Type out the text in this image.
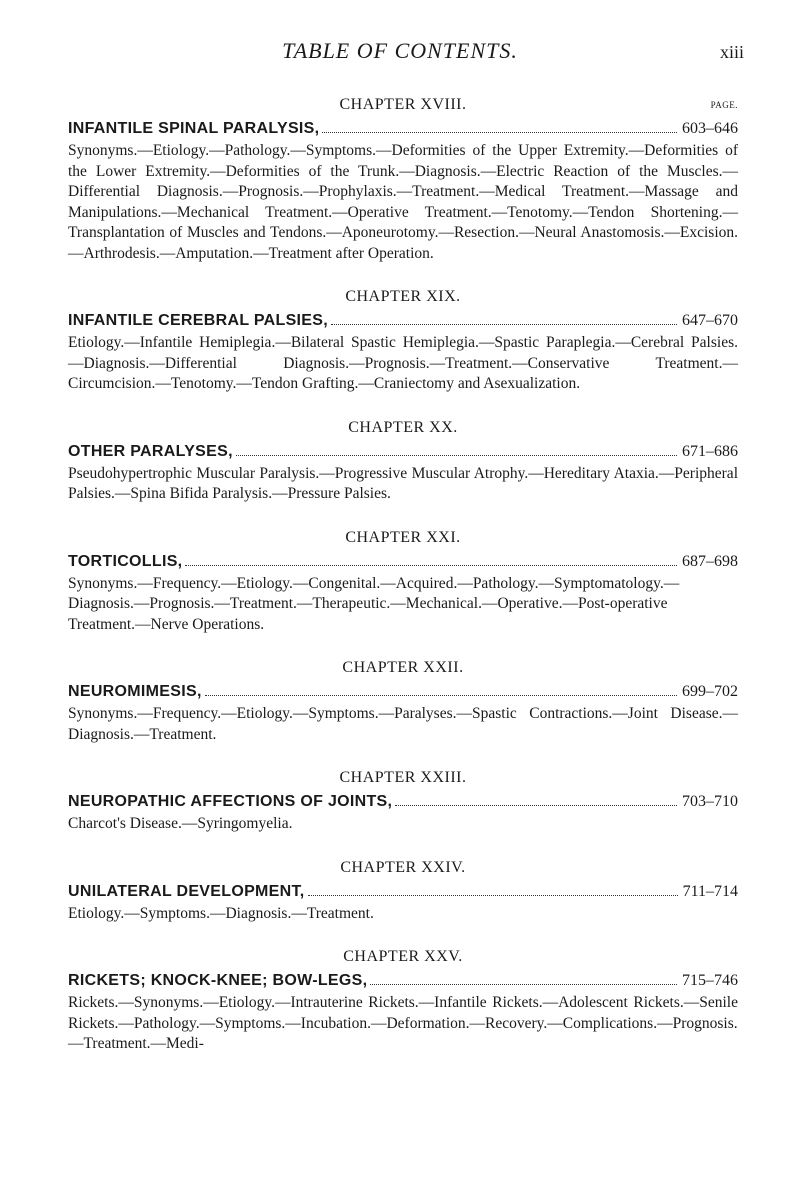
TABLE OF CONTENTS.	xiii
CHAPTER XVIII.	PAGE.
INFANTILE SPINAL PARALYSIS,	603–646

Synonyms.—Etiology.—Pathology.—Symptoms.—Deformities of the Upper Extremity.—Deformities of the Lower Extremity.—Deformities of the Trunk.—Diagnosis.—Electric Reaction of the Muscles.—Differential Diagnosis.—Prognosis.—Prophylaxis.—Treatment.—Medical Treatment.—Massage and Manipulations.—Mechanical Treatment.—Operative Treatment.—Tenotomy.—Tendon Shortening.—Transplantation of Muscles and Tendons.—Aponeurotomy.—Resection.—Neural Anastomosis.—Excision.—Arthrodesis.—Amputation.—Treatment after Operation.

CHAPTER XIX.
INFANTILE CEREBRAL PALSIES,	647–670

Etiology.—Infantile Hemiplegia.—Bilateral Spastic Hemiplegia.—Spastic Paraplegia.—Cerebral Palsies.—Diagnosis.—Differential Diagnosis.—Prognosis.—Treatment.—Conservative Treatment.—Circumcision.—Tenotomy.—Tendon Grafting.—Craniectomy and Asexualization.

CHAPTER XX.
OTHER PARALYSES,	671–686

Pseudohypertrophic Muscular Paralysis.—Progressive Muscular Atrophy.—Hereditary Ataxia.—Peripheral Palsies.—Spina Bifida Paralysis.—Pressure Palsies.

CHAPTER XXI.
TORTICOLLIS,	687–698

Synonyms.—Frequency.—Etiology.—Congenital.—Acquired.—Pathology.—Symptomatology.—Diagnosis.—Prognosis.—Treatment.—Therapeutic.—Mechanical.—Operative.—Post-operative Treatment.—Nerve Operations.

CHAPTER XXII.
NEUROMIMESIS,	699–702

Synonyms.—Frequency.—Etiology.—Symptoms.—Paralyses.—Spastic Contractions.—Joint Disease.—Diagnosis.—Treatment.

CHAPTER XXIII.
NEUROPATHIC AFFECTIONS OF JOINTS,	703–710

Charcot's Disease.—Syringomyelia.

CHAPTER XXIV.
UNILATERAL DEVELOPMENT,	711–714

Etiology.—Symptoms.—Diagnosis.—Treatment.

CHAPTER XXV.
RICKETS; KNOCK-KNEE; BOW-LEGS,	715–746

Rickets.—Synonyms.—Etiology.—Intrauterine Rickets.—Infantile Rickets.—Adolescent Rickets.—Senile Rickets.—Pathology.—Symptoms.—Incubation.—Deformation.—Recovery.—Complications.—Prognosis.—Treatment.—Medi-
